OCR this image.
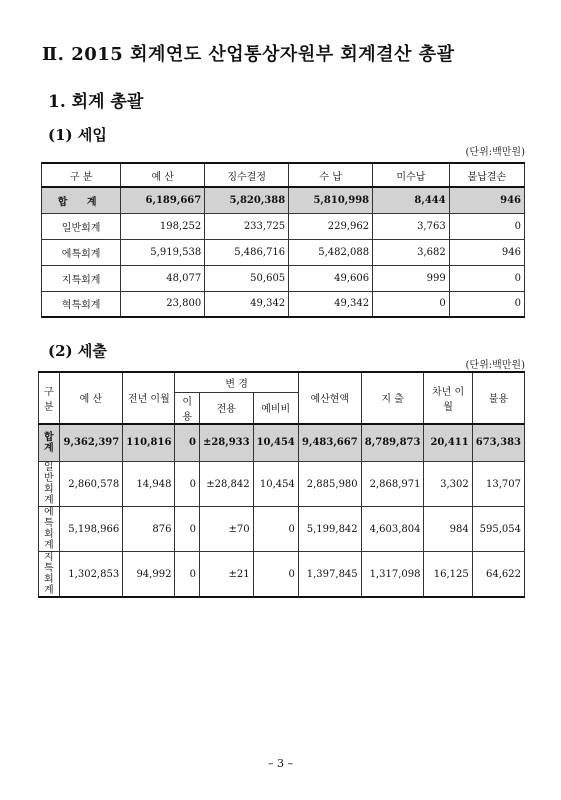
Ⅱ. 2015 회계연도 산업통상자원부 회계결산 총괄
1. 회계 총괄
(1) 세입
(단위:백만원)
구 분	예 산	징수결정	수 납	미수납	불납결손
합 계	6,189,667	5,820,388	5,810,998	8,444	946
일반회계	198,252	233,725	229,962	3,763	0
에특회계	5,919,538	5,486,716	5,482,088	3,682	946
지특회계	48,077	50,605	49,606	999	0
혁특회계	23,800	49,342	49,342	0	0
(2) 세출
(단위:백만원)
구분	예 산	전년 이월	변 경			예산현액	지 출	차년 이월	불용
			이용	전용	예비비				
합계	9,362,397	110,816	0	±28,933	10,454	9,483,667	8,789,873	20,411	673,383
일반 회계	2,860,578	14,948	0	±28,842	10,454	2,885,980	2,868,971	3,302	13,707
에특 회계	5,198,966	876	0	±70	0	5,199,842	4,603,804	984	595,054
지특 회계	1,302,853	94,992	0	±21	0	1,397,845	1,317,098	16,125	64,622
– 3 –
